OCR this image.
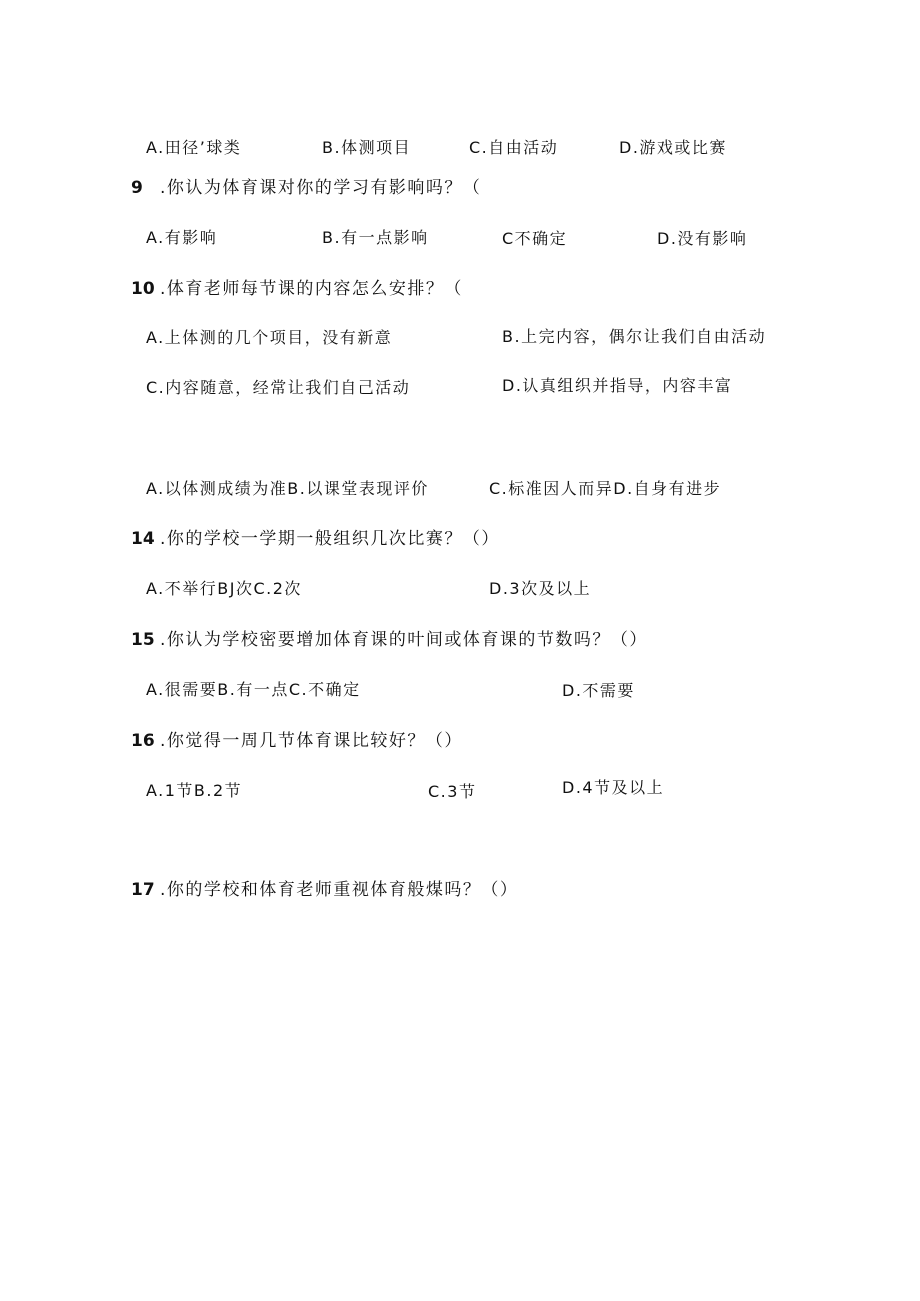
A.田径’球类	B.体测项目	C.自由活动	D.游戏或比赛
9 .你认为体育课对你的学习有影响吗？（
A.有影响	B.有一点影响	C不确定	D.没有影响
10 .体育老师每节课的内容怎么安排？（
A.上体测的几个项目，没有新意	B.上完内容，偶尔让我们自由活动
C.内容随意，经常让我们自己活动	D.认真组织并指导，内容丰富
A.以体测成绩为准B.以课堂表现评价	C.标准因人而异D.自身有进步
14 .你的学校一学期一般组织几次比赛？（）
A.不举行BJ次C.2次	D.3次及以上
15 .你认为学校密要增加体育课的叶间或体育课的节数吗？（）
A.很需要B.有一点C.不确定	D.不需要
16 .你觉得一周几节体育课比较好？（）
A.1节B.2节	C.3节	D.4节及以上
17 .你的学校和体育老师重视体育般煤吗？（）
